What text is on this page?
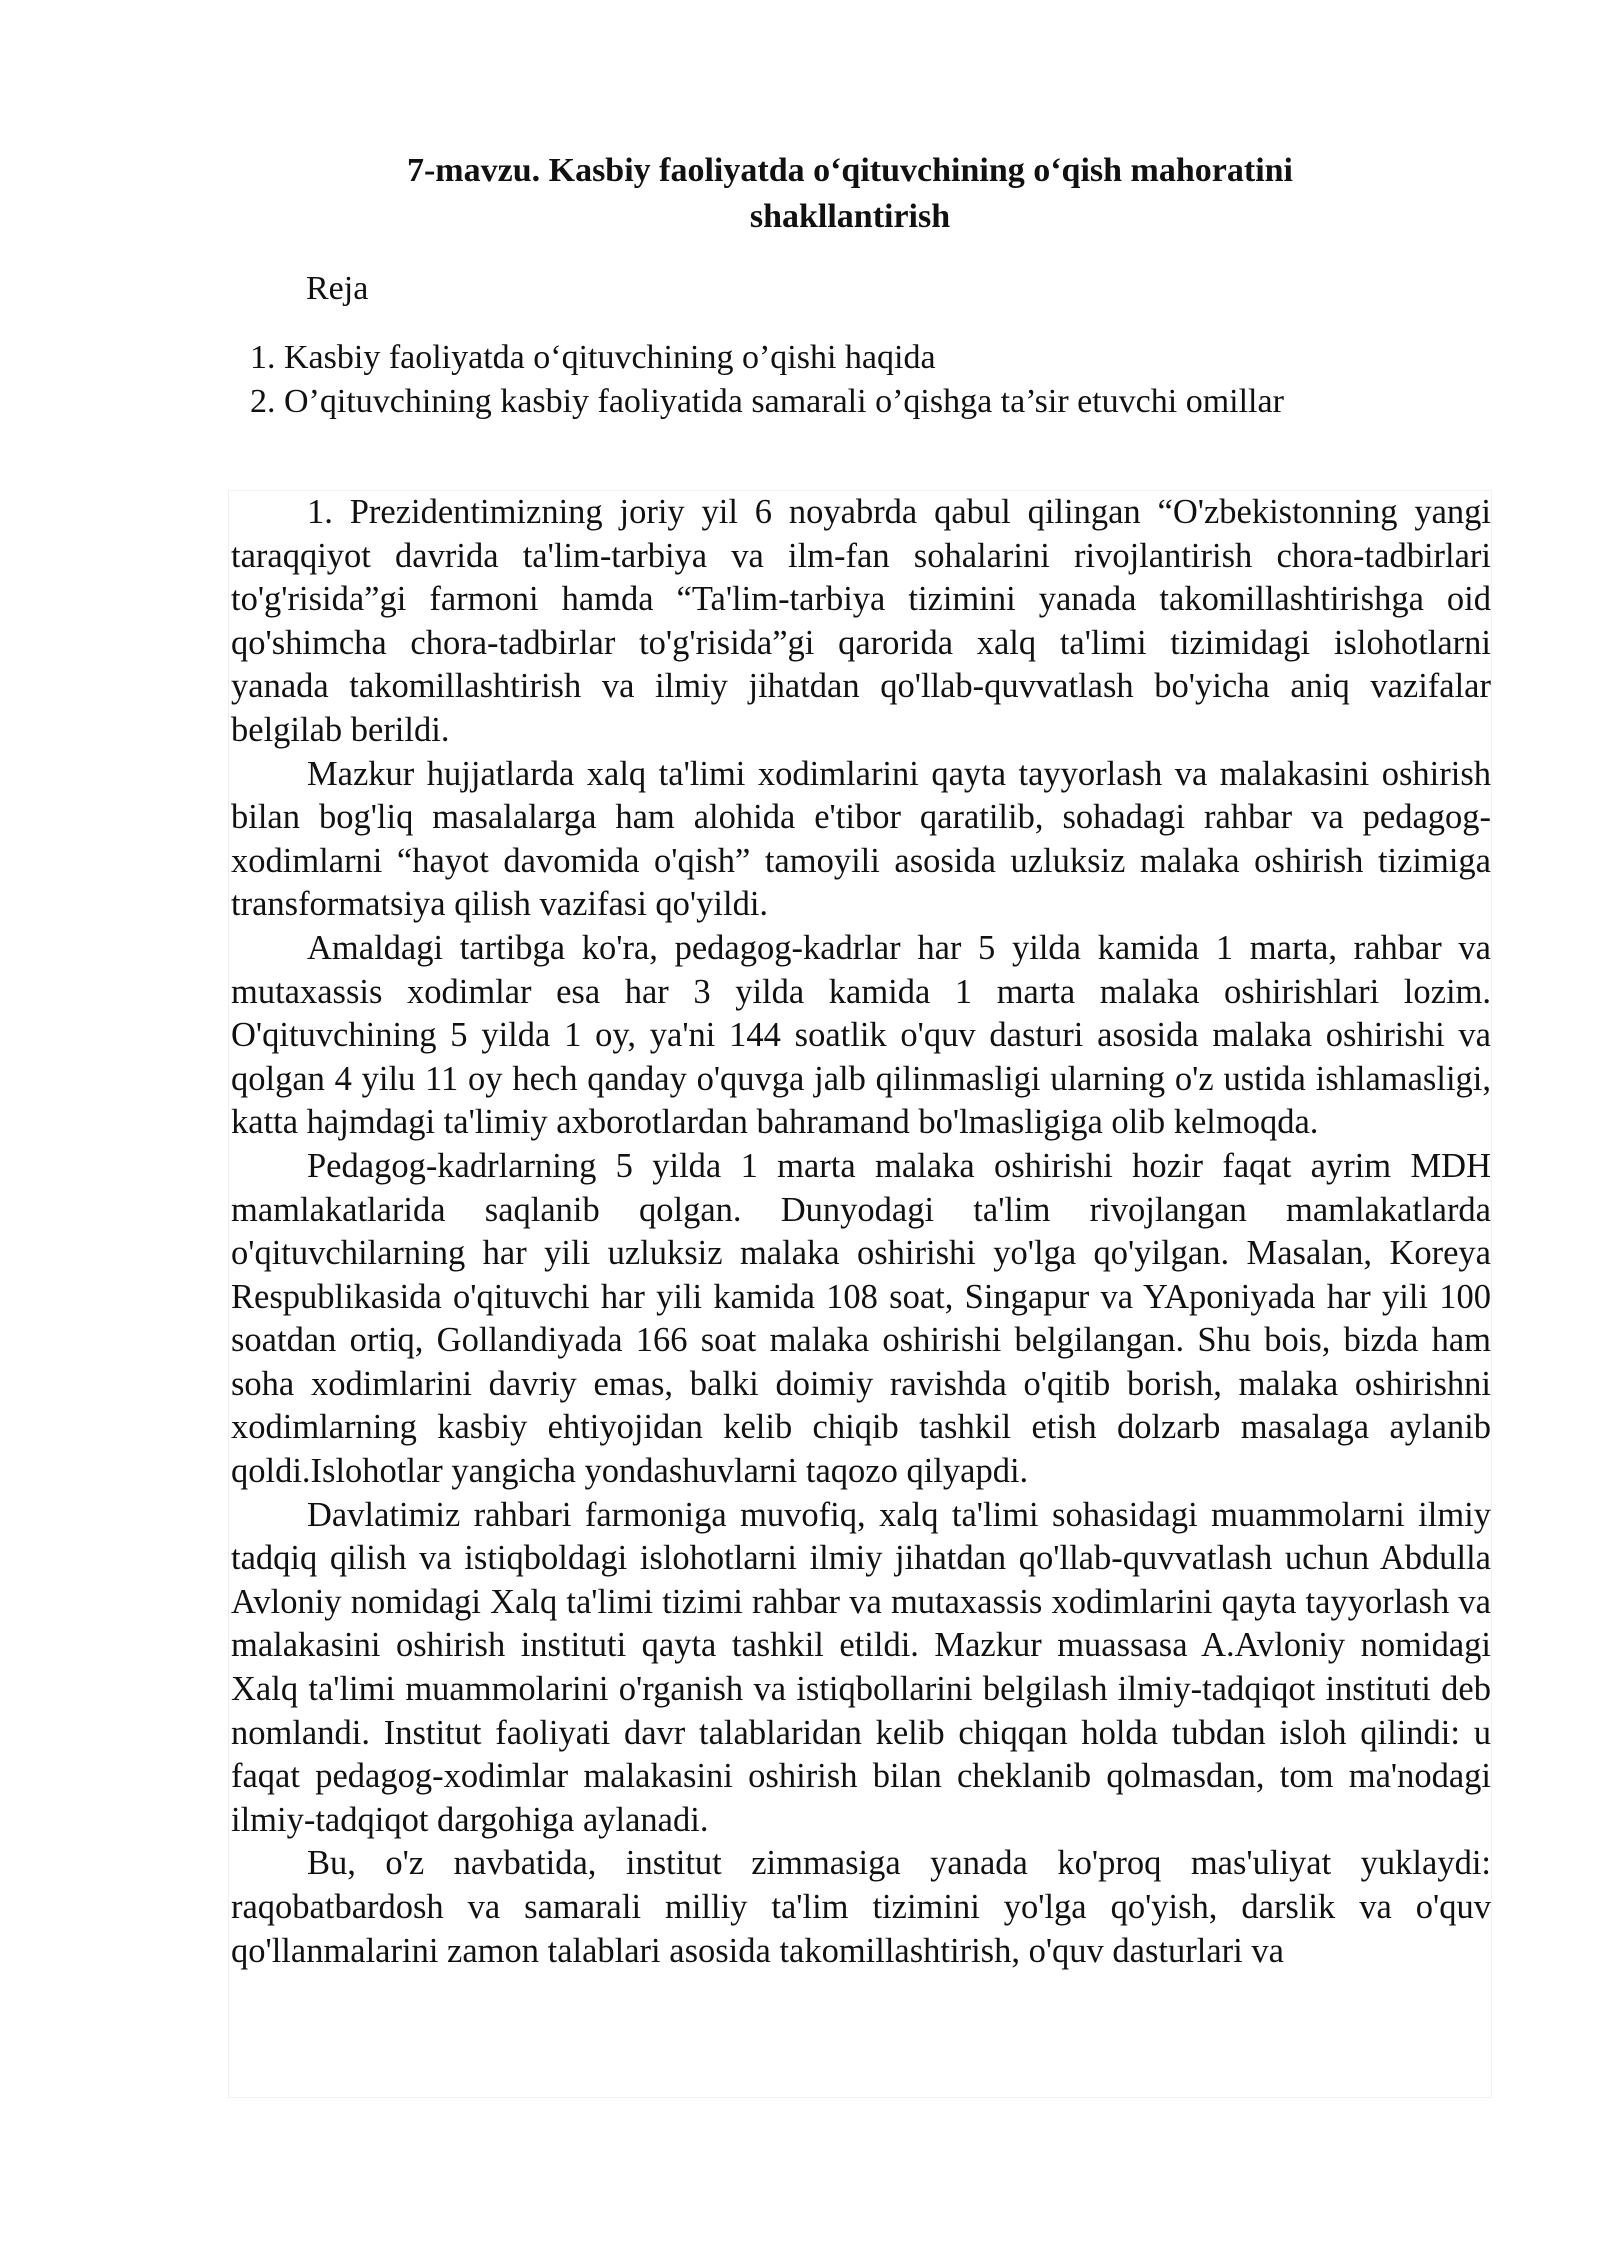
7-mavzu. Kasbiy faoliyatda o‘qituvchining o‘qish mahoratini
shakllantirish

Reja

1. Kasbiy faoliyatda o‘qituvchining o’qishi haqida
2. O’qituvchining kasbiy faoliyatida samarali o’qishga ta’sir etuvchi omillar

1. Prezidentimizning joriy yil 6 noyabrda qabul qilingan “O'zbekistonning yangi taraqqiyot davrida ta'lim-tarbiya va ilm-fan sohalarini rivojlantirish chora-tadbirlari to'g'risida”gi farmoni hamda “Ta'lim-tarbiya tizimini yanada takomillashtirishga oid qo'shimcha chora-tadbirlar to'g'risida”gi qarorida xalq ta'limi tizimidagi islohotlarni yanada takomillashtirish va ilmiy jihatdan qo'llab-quvvatlash bo'yicha aniq vazifalar belgilab berildi.

Mazkur hujjatlarda xalq ta'limi xodimlarini qayta tayyorlash va malakasini oshirish bilan bog'liq masalalarga ham alohida e'tibor qaratilib, sohadagi rahbar va pedagog-xodimlarni “hayot davomida o'qish” tamoyili asosida uzluksiz malaka oshirish tizimiga transformatsiya qilish vazifasi qo'yildi.

Amaldagi tartibga ko'ra, pedagog-kadrlar har 5 yilda kamida 1 marta, rahbar va mutaxassis xodimlar esa har 3 yilda kamida 1 marta malaka oshirishlari lozim. O'qituvchining 5 yilda 1 oy, ya'ni 144 soatlik o'quv dasturi asosida malaka oshirishi va qolgan 4 yilu 11 oy hech qanday o'quvga jalb qilinmasligi ularning o'z ustida ishlamasligi, katta hajmdagi ta'limiy axborotlardan bahramand bo'lmasligiga olib kelmoqda.

Pedagog-kadrlarning 5 yilda 1 marta malaka oshirishi hozir faqat ayrim MDH mamlakatlarida saqlanib qolgan. Dunyodagi ta'lim rivojlangan mamlakatlarda o'qituvchilarning har yili uzluksiz malaka oshirishi yo'lga qo'yilgan. Masalan, Koreya Respublikasida o'qituvchi har yili kamida 108 soat, Singapur va YAponiyada har yili 100 soatdan ortiq, Gollandiyada 166 soat malaka oshirishi belgilangan. Shu bois, bizda ham soha xodimlarini davriy emas, balki doimiy ravishda o'qitib borish, malaka oshirishni xodimlarning kasbiy ehtiyojidan kelib chiqib tashkil etish dolzarb masalaga aylanib qoldi.Islohotlar yangicha yondashuvlarni taqozo qilyapdi.

Davlatimiz rahbari farmoniga muvofiq, xalq ta'limi sohasidagi muammolarni ilmiy tadqiq qilish va istiqboldagi islohotlarni ilmiy jihatdan qo'llab-quvvatlash uchun Abdulla Avloniy nomidagi Xalq ta'limi tizimi rahbar va mutaxassis xodimlarini qayta tayyorlash va malakasini oshirish instituti qayta tashkil etildi. Mazkur muassasa A.Avloniy nomidagi Xalq ta'limi muammolarini o'rganish va istiqbollarini belgilash ilmiy-tadqiqot instituti deb nomlandi. Institut faoliyati davr talablaridan kelib chiqqan holda tubdan isloh qilindi: u faqat pedagog-xodimlar malakasini oshirish bilan cheklanib qolmasdan, tom ma'nodagi ilmiy-tadqiqot dargohiga aylanadi.

Bu, o'z navbatida, institut zimmasiga yanada ko'proq mas'uliyat yuklaydi: raqobatbardosh va samarali milliy ta'lim tizimini yo'lga qo'yish, darslik va o'quv qo'llanmalarini zamon talablari asosida takomillashtirish, o'quv dasturlari va
